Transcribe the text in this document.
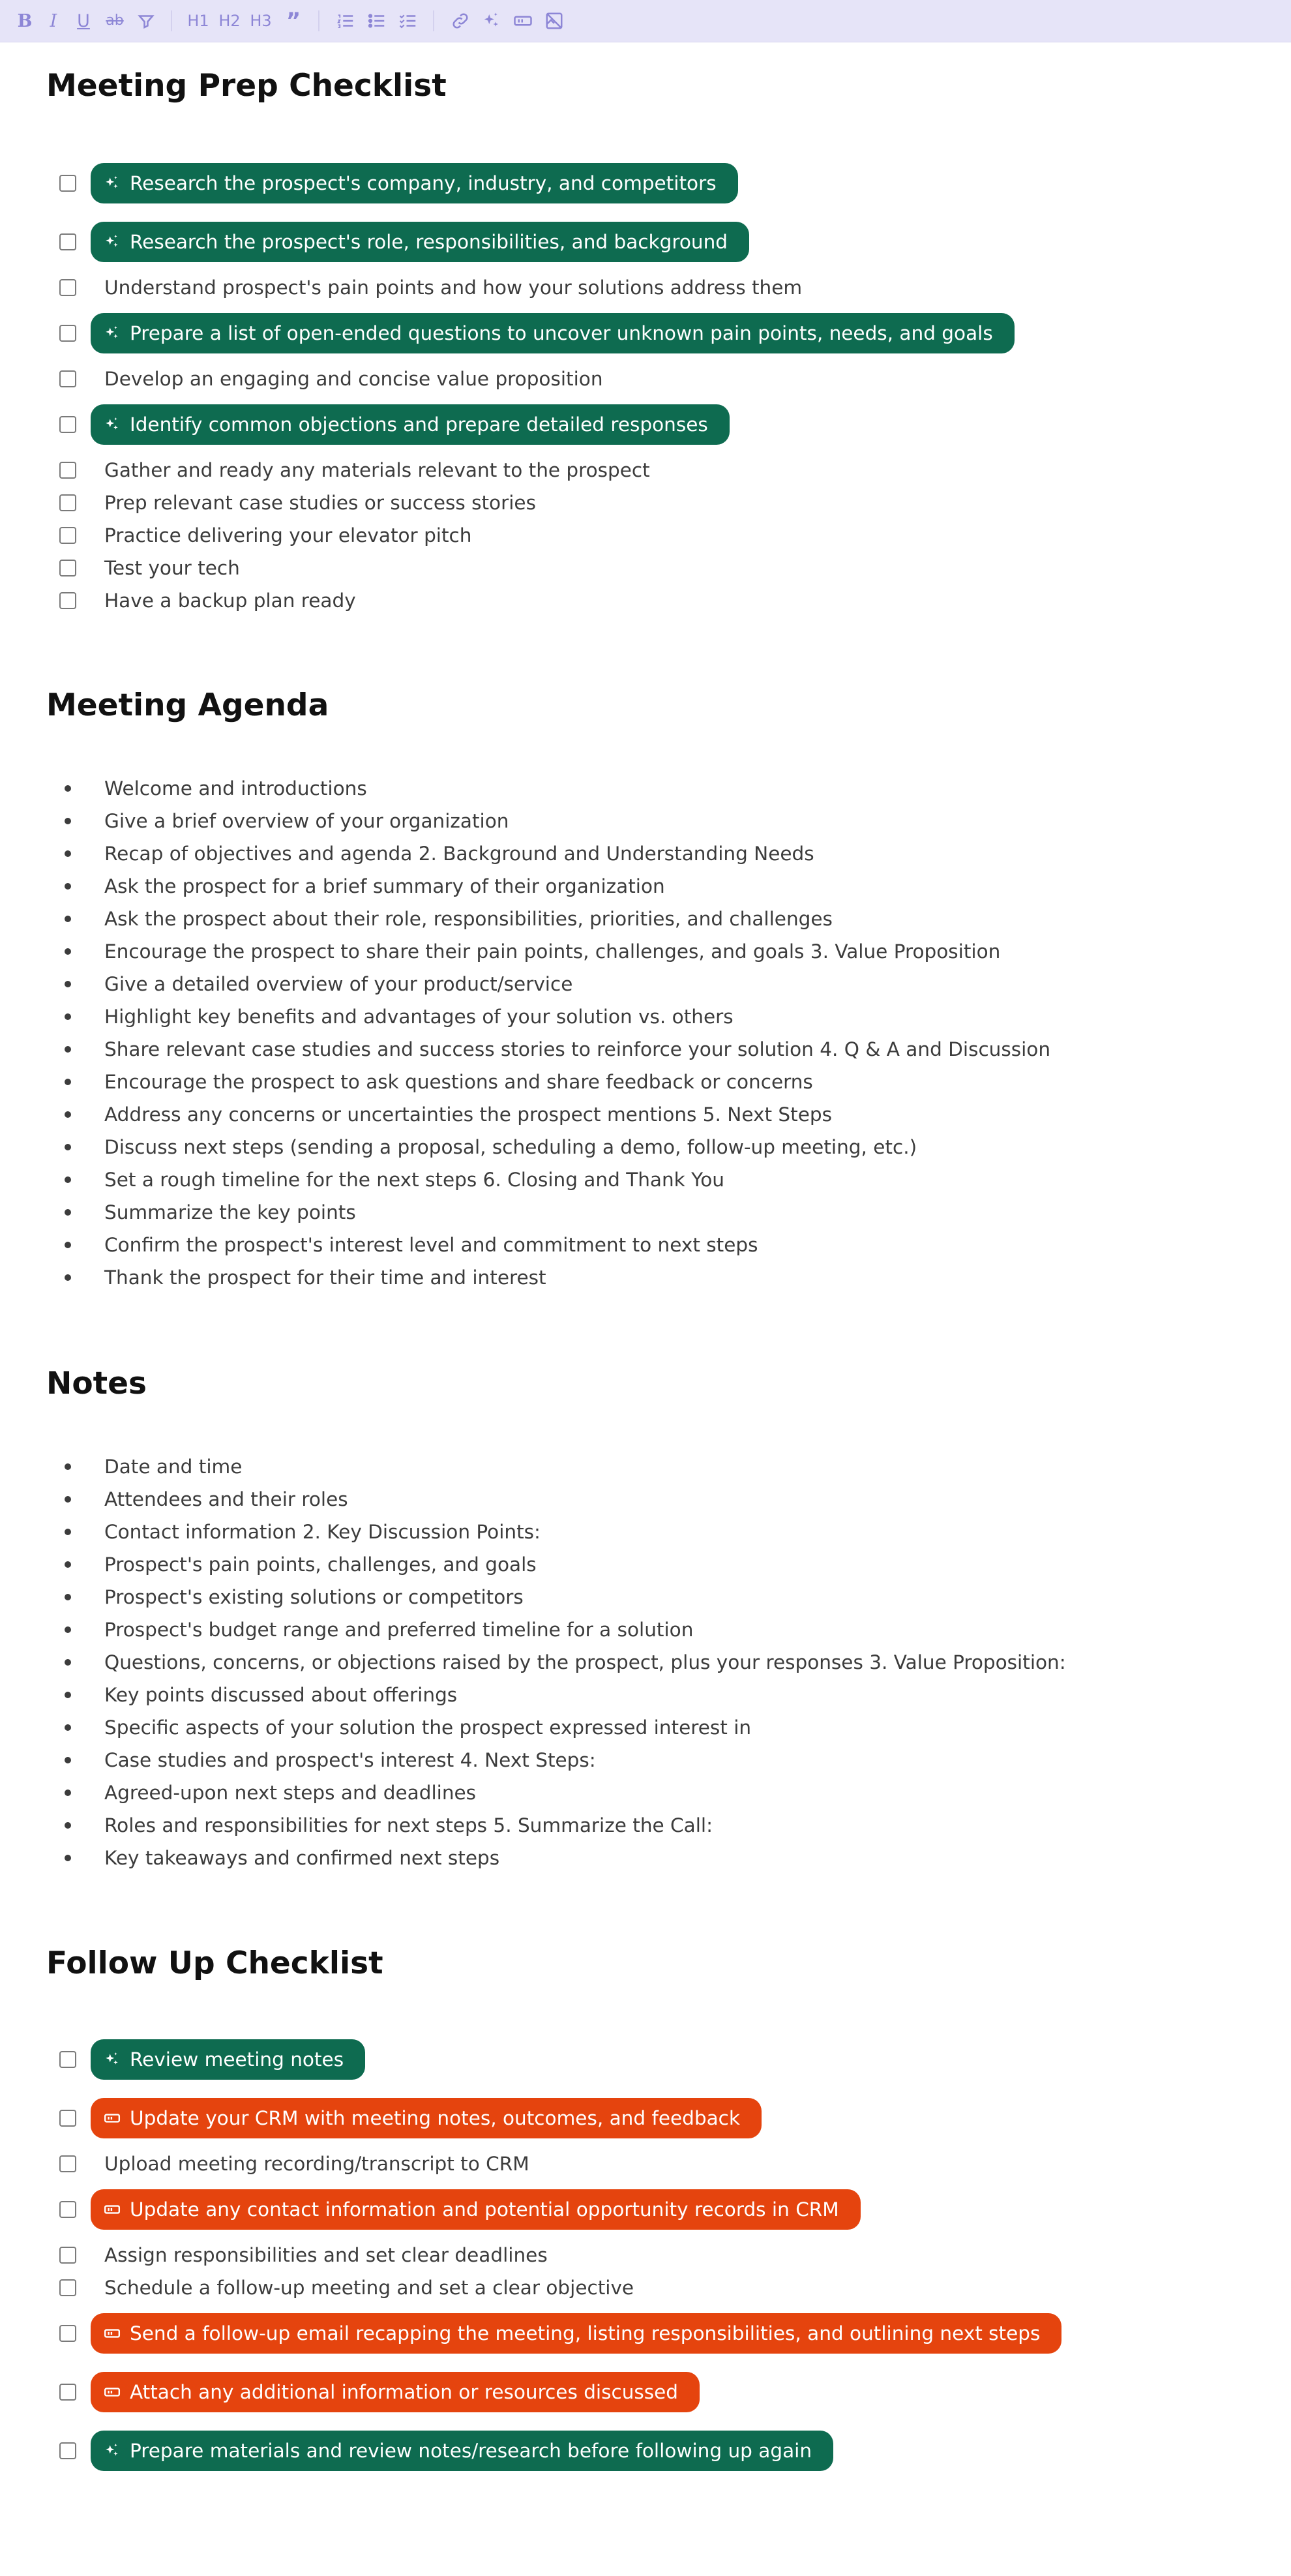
B I U ab	H1 H2 H3 ”
Meeting Prep Checklist
Research the prospect's company, industry, and competitors
Research the prospect's role, responsibilities, and background
Understand prospect's pain points and how your solutions address them
Prepare a list of open-ended questions to uncover unknown pain points, needs, and goals
Develop an engaging and concise value proposition
Identify common objections and prepare detailed responses
Gather and ready any materials relevant to the prospect
Prep relevant case studies or success stories
Practice delivering your elevator pitch
Test your tech
Have a backup plan ready
Meeting Agenda
Welcome and introductions
Give a brief overview of your organization
Recap of objectives and agenda 2. Background and Understanding Needs
Ask the prospect for a brief summary of their organization
Ask the prospect about their role, responsibilities, priorities, and challenges
Encourage the prospect to share their pain points, challenges, and goals 3. Value Proposition
Give a detailed overview of your product/service
Highlight key benefits and advantages of your solution vs. others
Share relevant case studies and success stories to reinforce your solution 4. Q & A and Discussion
Encourage the prospect to ask questions and share feedback or concerns
Address any concerns or uncertainties the prospect mentions 5. Next Steps
Discuss next steps (sending a proposal, scheduling a demo, follow-up meeting, etc.)
Set a rough timeline for the next steps 6. Closing and Thank You
Summarize the key points
Confirm the prospect's interest level and commitment to next steps
Thank the prospect for their time and interest
Notes
Date and time
Attendees and their roles
Contact information 2. Key Discussion Points:
Prospect's pain points, challenges, and goals
Prospect's existing solutions or competitors
Prospect's budget range and preferred timeline for a solution
Questions, concerns, or objections raised by the prospect, plus your responses 3. Value Proposition:
Key points discussed about offerings
Specific aspects of your solution the prospect expressed interest in
Case studies and prospect's interest 4. Next Steps:
Agreed-upon next steps and deadlines
Roles and responsibilities for next steps 5. Summarize the Call:
Key takeaways and confirmed next steps
Follow Up Checklist
Review meeting notes
Update your CRM with meeting notes, outcomes, and feedback
Upload meeting recording/transcript to CRM
Update any contact information and potential opportunity records in CRM
Assign responsibilities and set clear deadlines
Schedule a follow-up meeting and set a clear objective
Send a follow-up email recapping the meeting, listing responsibilities, and outlining next steps
Attach any additional information or resources discussed
Prepare materials and review notes/research before following up again
